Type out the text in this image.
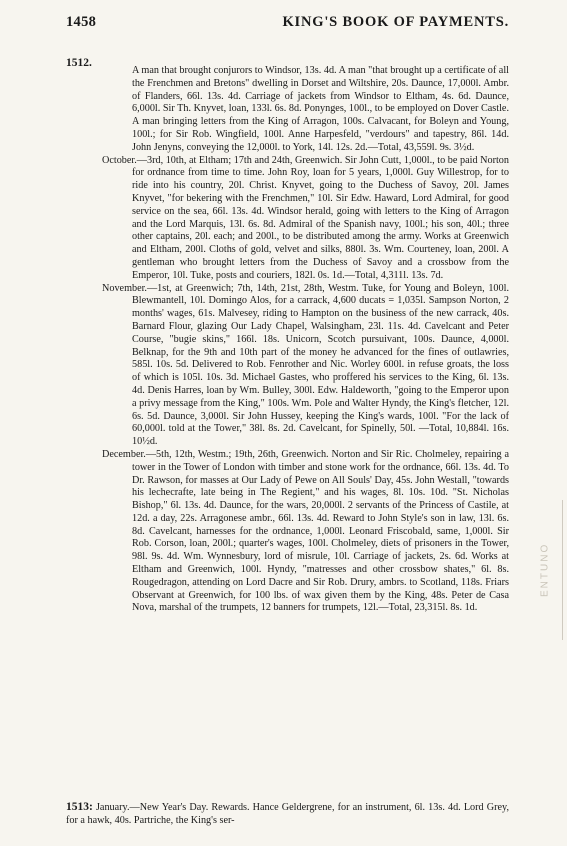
1458	KING'S BOOK OF PAYMENTS.
1512.

A man that brought conjurors to Windsor, 13s. 4d. A man "that brought up a certificate of all the Frenchmen and Bretons" dwelling in Dorset and Wiltshire, 20s. Daunce, 17,000l. Ambr. of Flanders, 66l. 13s. 4d. Carriage of jackets from Windsor to Eltham, 4s. 6d. Daunce, 6,000l. Sir Th. Knyvet, loan, 133l. 6s. 8d. Ponynges, 100l., to be employed on Dover Castle. A man bringing letters from the King of Arragon, 100s. Calvacant, for Boleyn and Young, 100l.; for Sir Rob. Wingfield, 100l. Anne Harpesfeld, "verdours" and tapestry, 86l. 14d. John Jenyns, conveying the 12,000l. to York, 14l. 12s. 2d.—Total, 43,559l. 9s. 3½d.

October.—3rd, 10th, at Eltham; 17th and 24th, Greenwich. Sir John Cutt, 1,000l., to be paid Norton for ordnance from time to time. John Roy, loan for 5 years, 1,000l. Guy Willestrop, for to ride into his country, 20l. Christ. Knyvet, going to the Duchess of Savoy, 20l. James Knyvet, "for bekering with the Frenchmen," 10l. Sir Edw. Haward, Lord Admiral, for good service on the sea, 66l. 13s. 4d. Windsor herald, going with letters to the King of Arragon and the Lord Marquis, 13l. 6s. 8d. Admiral of the Spanish navy, 100l.; his son, 40l.; three other captains, 20l. each; and 200l., to be distributed among the army. Works at Greenwich and Eltham, 200l. Cloths of gold, velvet and silks, 880l. 3s. Wm. Courteney, loan, 200l. A gentleman who brought letters from the Duchess of Savoy and a crossbow from the Emperor, 10l. Tuke, posts and couriers, 182l. 0s. 1d.—Total, 4,311l. 13s. 7d.

November.—1st, at Greenwich; 7th, 14th, 21st, 28th, Westm. Tuke, for Young and Boleyn, 100l. Blewmantell, 10l. Domingo Alos, for a carrack, 4,600 ducats = 1,035l. Sampson Norton, 2 months' wages, 61s. Malvesey, riding to Hampton on the business of the new carrack, 40s. Barnard Flour, glazing Our Lady Chapel, Walsingham, 23l. 11s. 4d. Cavelcant and Peter Course, "bugie skins," 166l. 18s. Unicorn, Scotch pursuivant, 100s. Daunce, 4,000l. Belknap, for the 9th and 10th part of the money he advanced for the fines of outlawries, 585l. 10s. 5d. Delivered to Rob. Fenrother and Nic. Worley 600l. in refuse groats, the loss of which is 105l. 10s. 3d. Michael Gastes, who proffered his services to the King, 6l. 13s. 4d. Denis Harres, loan by Wm. Bulley, 300l. Edw. Haldeworth, "going to the Emperor upon a privy message from the King," 100s. Wm. Pole and Walter Hyndy, the King's fletcher, 12l. 6s. 5d. Daunce, 3,000l. Sir John Hussey, keeping the King's wards, 100l. "For the lack of 60,000l. told at the Tower," 38l. 8s. 2d. Cavelcant, for Spinelly, 50l. —Total, 10,884l. 16s. 10½d.

December.—5th, 12th, Westm.; 19th, 26th, Greenwich. Norton and Sir Ric. Cholmeley, repairing a tower in the Tower of London with timber and stone work for the ordnance, 66l. 13s. 4d. To Dr. Rawson, for masses at Our Lady of Pewe on All Souls' Day, 45s. John Westall, "towards his lechecrafte, late being in The Regient," and his wages, 8l. 10s. 10d. "St. Nicholas Bishop," 6l. 13s. 4d. Daunce, for the wars, 20,000l. 2 servants of the Princess of Castile, at 12d. a day, 22s. Arragonese ambr., 66l. 13s. 4d. Reward to John Style's son in law, 13l. 6s. 8d. Cavelcant, harnesses for the ordnance, 1,000l. Leonard Friscobald, same, 1,000l. Sir Rob. Corson, loan, 200l.; quarter's wages, 100l. Cholmeley, diets of prisoners in the Tower, 98l. 9s. 4d. Wm. Wynnesbury, lord of misrule, 10l. Carriage of jackets, 2s. 6d. Works at Eltham and Greenwich, 100l. Hyndy, "matresses and other crossbow shates," 6l. 8s. Rougedragon, attending on Lord Dacre and Sir Rob. Drury, ambrs. to Scotland, 118s. Friars Observant at Greenwich, for 100 lbs. of wax given them by the King, 48s. Peter de Casa Nova, marshal of the trumpets, 12 banners for trumpets, 12l.—Total, 23,315l. 8s. 1d.

1513: January.—New Year's Day. Rewards. Hance Geldergrene, for an instrument, 6l. 13s. 4d. Lord Grey, for a hawk, 40s. Partriche, the King's ser-
ENTUNO
